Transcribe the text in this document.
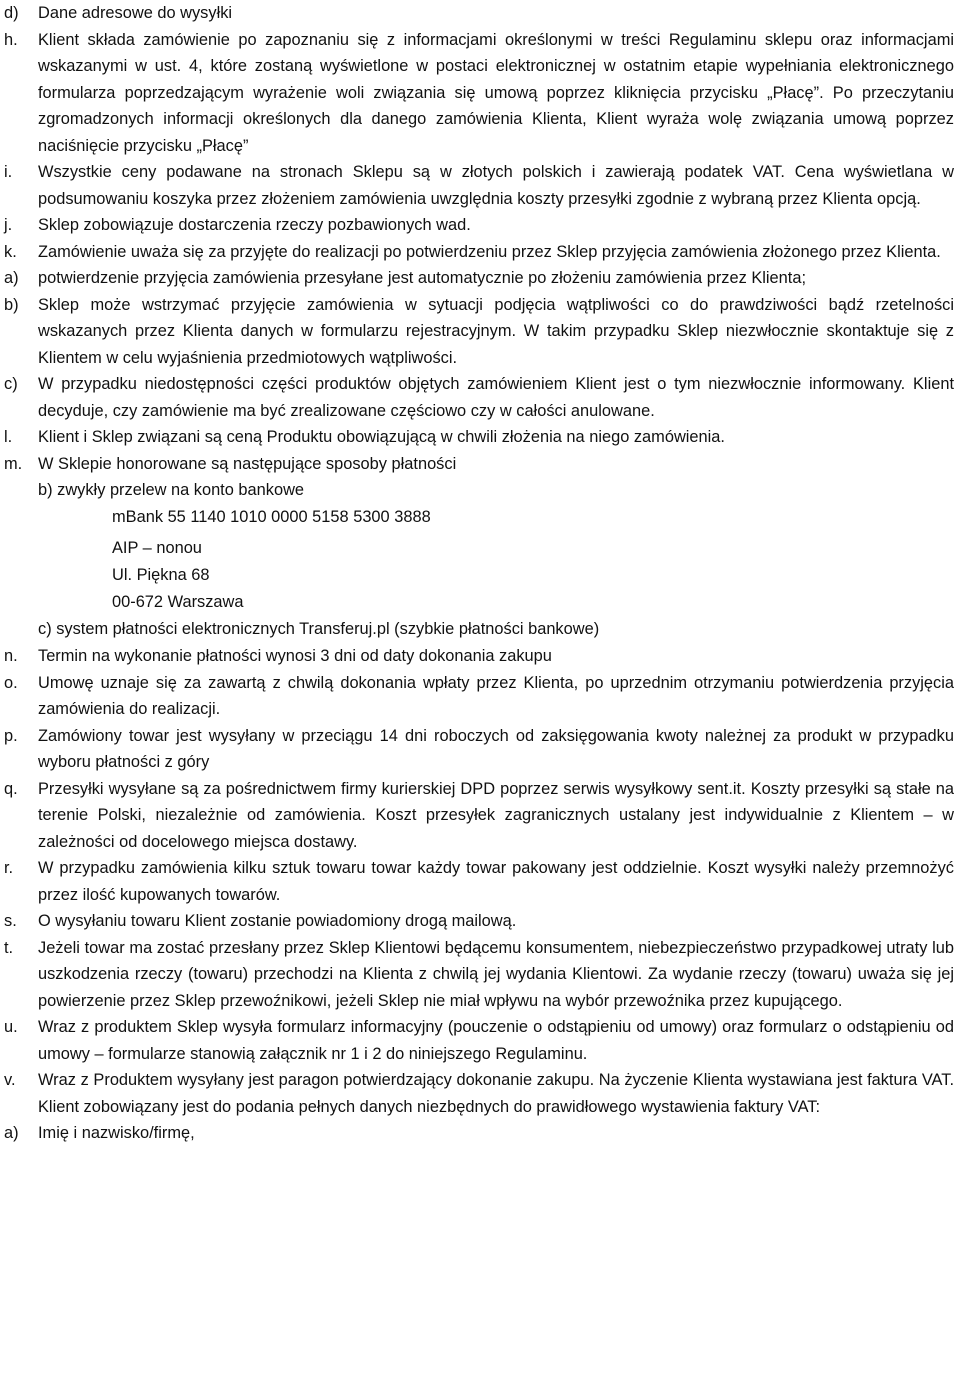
d)	Dane adresowe do wysyłki
h.	Klient składa zamówienie po zapoznaniu się z informacjami określonymi w treści Regulaminu sklepu oraz informacjami wskazanymi w ust. 4, które zostaną wyświetlone w postaci elektronicznej w ostatnim etapie wypełniania elektronicznego formularza poprzedzającym wyrażenie woli związania się umową poprzez kliknięcia przycisku „Płacę”. Po przeczytaniu zgromadzonych informacji określonych dla danego zamówienia Klienta, Klient wyraża wolę związania umową poprzez naciśnięcie przycisku „Płacę”
i.	Wszystkie ceny podawane na stronach Sklepu są w złotych polskich i zawierają podatek VAT. Cena wyświetlana w podsumowaniu koszyka przez złożeniem zamówienia uwzględnia koszty przesyłki zgodnie z wybraną przez Klienta opcją.
j.	Sklep zobowiązuje dostarczenia rzeczy pozbawionych wad.
k.	Zamówienie uważa się za przyjęte do realizacji po potwierdzeniu przez Sklep przyjęcia zamówienia złożonego przez Klienta.
a)	potwierdzenie przyjęcia zamówienia przesyłane jest automatycznie po złożeniu zamówienia przez Klienta;
b)	Sklep może wstrzymać przyjęcie zamówienia w sytuacji podjęcia wątpliwości co do prawdziwości bądź rzetelności wskazanych przez Klienta danych w formularzu rejestracyjnym. W takim przypadku Sklep niezwłocznie skontaktuje się z Klientem w celu wyjaśnienia przedmiotowych wątpliwości.
c)	W przypadku niedostępności części produktów objętych zamówieniem Klient jest o tym niezwłocznie informowany. Klient decyduje, czy zamówienie ma być zrealizowane częściowo czy w całości anulowane.
l.	Klient i Sklep związani są ceną Produktu obowiązującą w chwili złożenia na niego zamówienia.
m. W Sklepie honorowane są następujące sposoby płatności
b) zwykły przelew na konto bankowe
mBank 55 1140 1010 0000 5158 5300 3888
AIP – nonou
Ul. Piękna 68
00-672 Warszawa
c) system płatności elektronicznych Transferuj.pl (szybkie płatności bankowe)
n.	Termin na wykonanie płatności wynosi 3 dni od daty dokonania zakupu
o.	Umowę uznaje się za zawartą z chwilą dokonania wpłaty przez Klienta, po uprzednim otrzymaniu potwierdzenia przyjęcia zamówienia do realizacji.
p.	Zamówiony towar jest wysyłany w przeciągu 14 dni roboczych od zaksięgowania kwoty należnej za produkt w przypadku wyboru płatności z góry
q.	Przesyłki wysyłane są za pośrednictwem firmy kurierskiej DPD poprzez serwis wysyłkowy sent.it. Koszty przesyłki są stałe na terenie Polski, niezależnie od zamówienia. Koszt przesyłek zagranicznych ustalany jest indywidualnie z Klientem – w zależności od docelowego miejsca dostawy.
r.	W przypadku zamówienia kilku sztuk towaru towar każdy towar pakowany jest oddzielnie. Koszt wysyłki należy przemnożyć przez ilość kupowanych towarów.
s.	O wysyłaniu towaru Klient zostanie powiadomiony drogą mailową.
t.	Jeżeli towar ma zostać przesłany przez Sklep Klientowi będącemu konsumentem, niebezpieczeństwo przypadkowej utraty lub uszkodzenia rzeczy (towaru) przechodzi na Klienta z chwilą jej wydania Klientowi. Za wydanie rzeczy (towaru) uważa się jej powierzenie przez Sklep przewoźnikowi, jeżeli Sklep nie miał wpływu na wybór przewoźnika przez kupującego.
u.	Wraz z produktem Sklep wysyła formularz informacyjny (pouczenie o odstąpieniu od umowy) oraz formularz o odstąpieniu od umowy – formularze stanowią załącznik nr 1 i 2 do niniejszego Regulaminu.
v.	Wraz z Produktem wysyłany jest paragon potwierdzający dokonanie zakupu. Na życzenie Klienta wystawiana jest faktura VAT. Klient zobowiązany jest do podania pełnych danych niezbędnych do prawidłowego wystawienia faktury VAT:
a)	Imię i nazwisko/firmę,
